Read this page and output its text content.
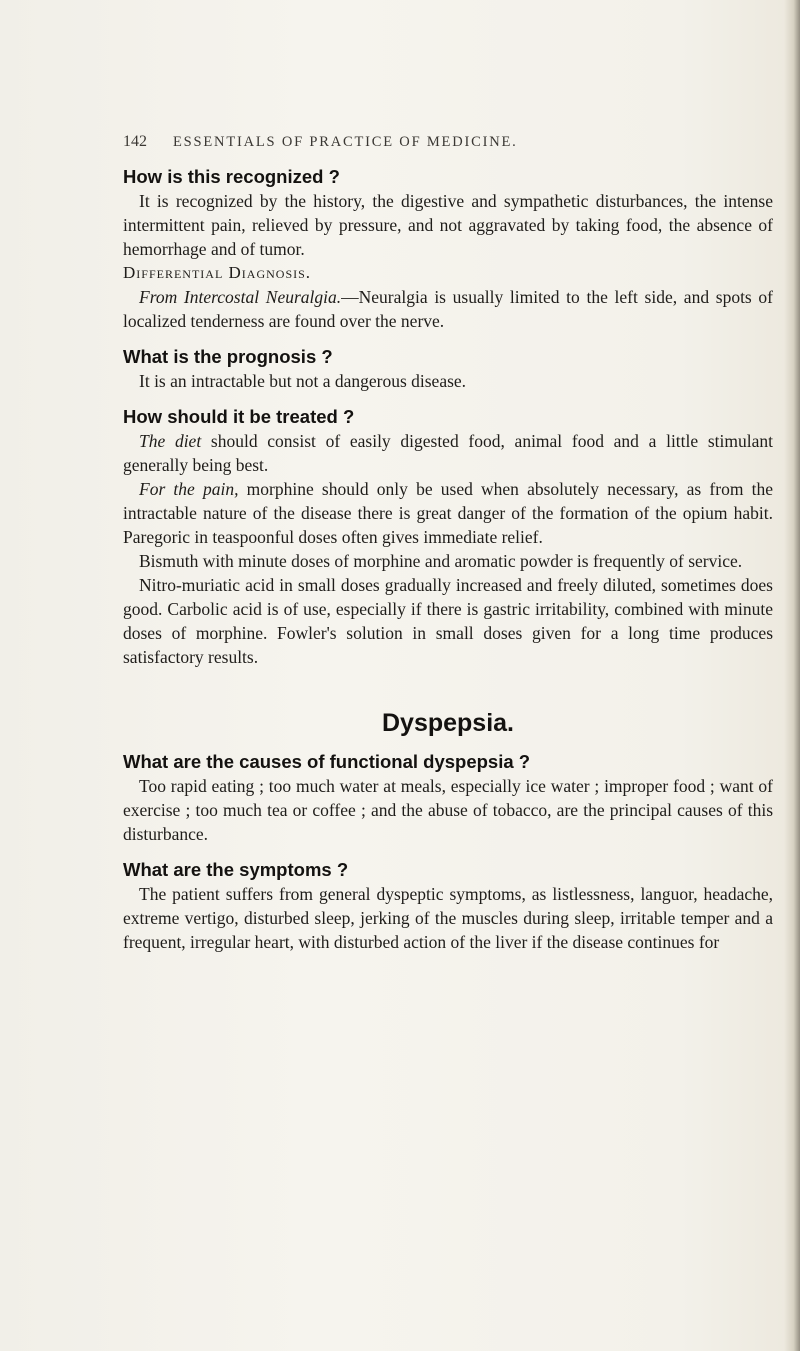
142 ESSENTIALS OF PRACTICE OF MEDICINE.

How is this recognized ?

It is recognized by the history, the digestive and sympathetic disturbances, the intense intermittent pain, relieved by pressure, and not aggravated by taking food, the absence of hemorrhage and of tumor.

Differential Diagnosis.

From Intercostal Neuralgia.—Neuralgia is usually limited to the left side, and spots of localized tenderness are found over the nerve.

What is the prognosis ?

It is an intractable but not a dangerous disease.

How should it be treated ?

The diet should consist of easily digested food, animal food and a little stimulant generally being best.

For the pain, morphine should only be used when absolutely necessary, as from the intractable nature of the disease there is great danger of the formation of the opium habit. Paregoric in teaspoonful doses often gives immediate relief.

Bismuth with minute doses of morphine and aromatic powder is frequently of service.

Nitro-muriatic acid in small doses gradually increased and freely diluted, sometimes does good. Carbolic acid is of use, especially if there is gastric irritability, combined with minute doses of morphine. Fowler's solution in small doses given for a long time produces satisfactory results.

Dyspepsia.

What are the causes of functional dyspepsia ?

Too rapid eating ; too much water at meals, especially ice water ; improper food ; want of exercise ; too much tea or coffee ; and the abuse of tobacco, are the principal causes of this disturbance.

What are the symptoms ?

The patient suffers from general dyspeptic symptoms, as listlessness, languor, headache, extreme vertigo, disturbed sleep, jerking of the muscles during sleep, irritable temper and a frequent, irregular heart, with disturbed action of the liver if the disease continues for
